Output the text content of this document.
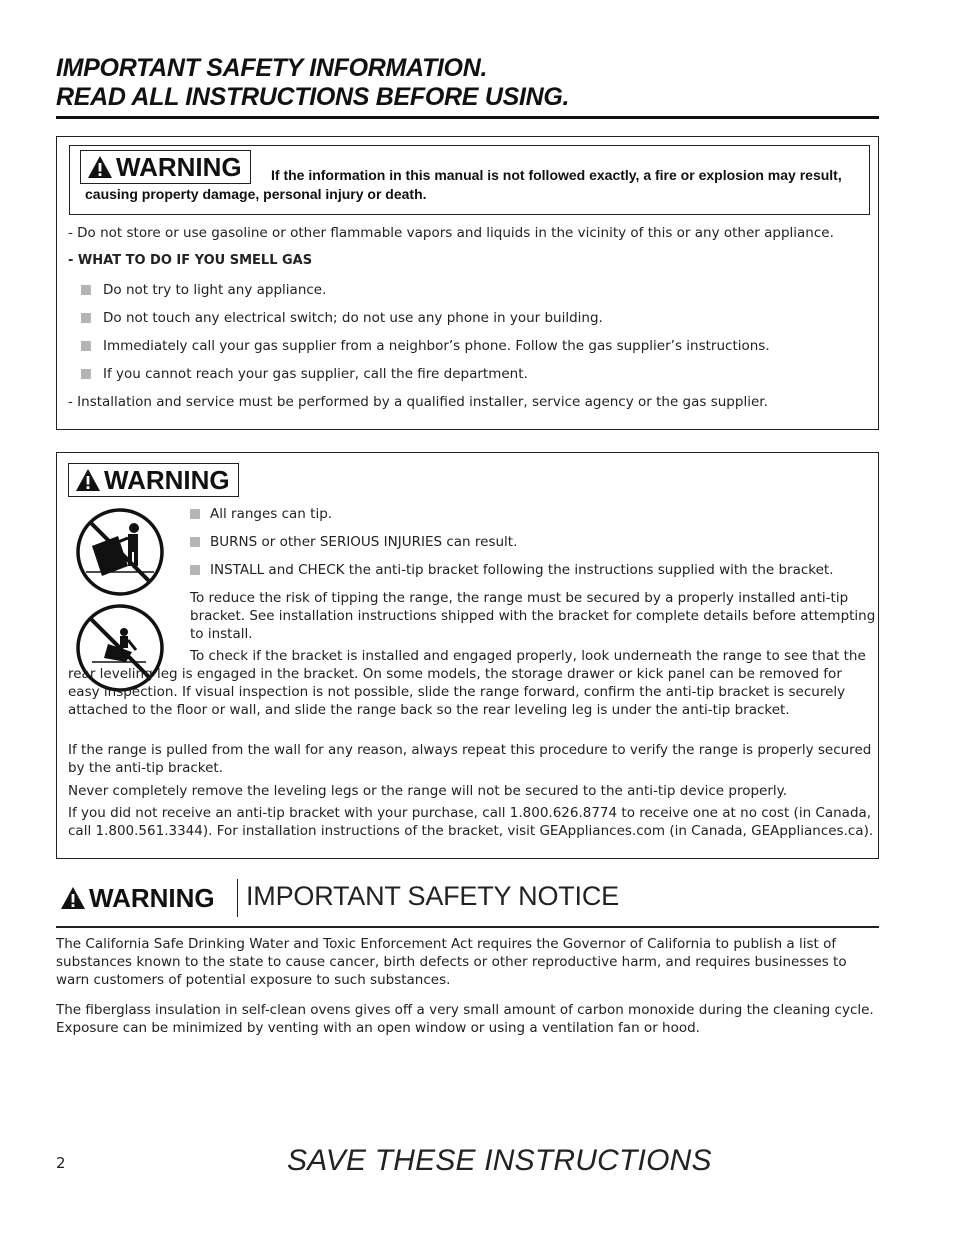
IMPORTANT SAFETY INFORMATION.
READ ALL INSTRUCTIONS BEFORE USING.
If the information in this manual is not followed exactly, a fire or explosion may result, causing property damage, personal injury or death.
WARNING
- Do not store or use gasoline or other flammable vapors and liquids in the vicinity of this or any other appliance.
- WHAT TO DO IF YOU SMELL GAS
Do not try to light any appliance.
Do not touch any electrical switch; do not use any phone in your building.
Immediately call your gas supplier from a neighbor’s phone. Follow the gas supplier’s instructions.
If you cannot reach your gas supplier, call the fire department.
- Installation and service must be performed by a qualified installer, service agency or the gas supplier.
WARNING
All ranges can tip.
BURNS or other SERIOUS INJURIES can result.
INSTALL and CHECK the anti-tip bracket following the instructions supplied with the bracket.
To reduce the risk of tipping the range, the range must be secured by a properly installed anti-tip bracket. See installation instructions shipped with the bracket for complete details before attempting to install.
To check if the bracket is installed and engaged properly, look underneath the range to see that the rear leveling leg is engaged in the bracket. On some models, the storage drawer or kick panel can be removed for easy inspection. If visual inspection is not possible, slide the range forward, confirm the anti-tip bracket is securely attached to the floor or wall, and slide the range back so the rear leveling leg is under the anti-tip bracket.
If the range is pulled from the wall for any reason, always repeat this procedure to verify the range is properly secured by the anti-tip bracket.
Never completely remove the leveling legs or the range will not be secured to the anti-tip device properly.
If you did not receive an anti-tip bracket with your purchase, call 1.800.626.8774 to receive one at no cost (in Canada, call 1.800.561.3344). For installation instructions of the bracket, visit GEAppliances.com (in Canada, GEAppliances.ca).
WARNING IMPORTANT SAFETY NOTICE
The California Safe Drinking Water and Toxic Enforcement Act requires the Governor of California to publish a list of substances known to the state to cause cancer, birth defects or other reproductive harm, and requires businesses to warn customers of potential exposure to such substances.
The fiberglass insulation in self-clean ovens gives off a very small amount of carbon monoxide during the cleaning cycle. Exposure can be minimized by venting with an open window or using a ventilation fan or hood.
2	SAVE THESE INSTRUCTIONS
